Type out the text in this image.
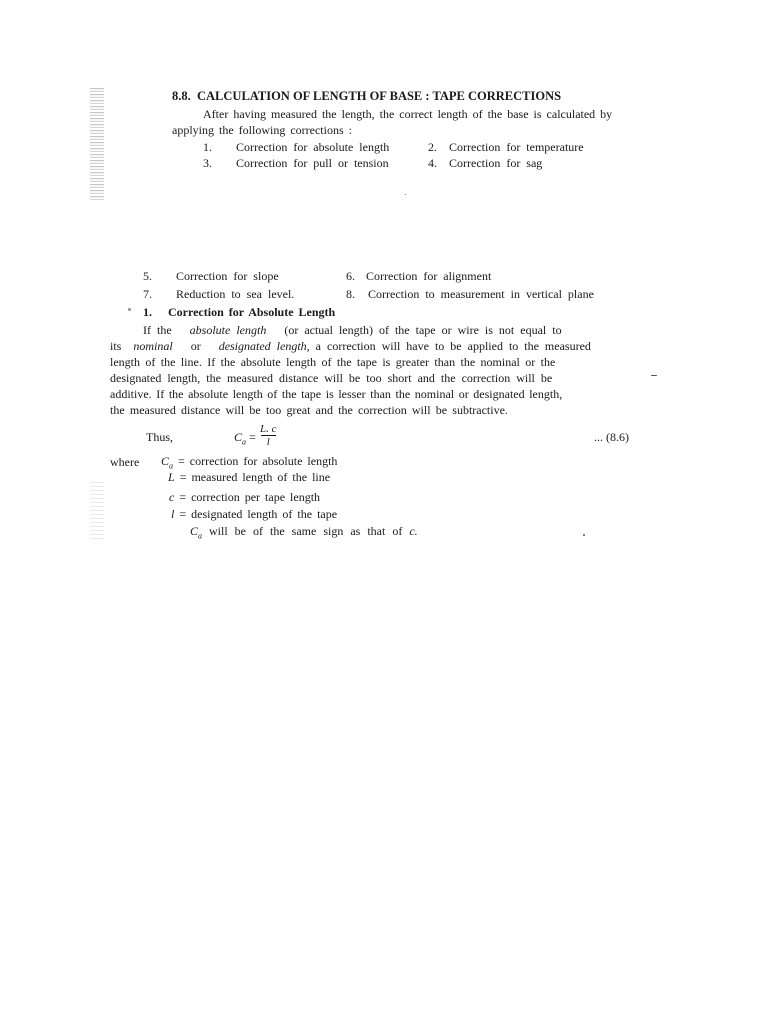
8.8. CALCULATION OF LENGTH OF BASE : TAPE CORRECTIONS
After having measured the length, the correct length of the base is calculated by
applying the following corrections :
1. Correction for absolute length	2. Correction for temperature
3. Correction for pull or tension	4. Correction for sag
5. Correction for slope	6. Correction for alignment
7. Reduction to sea level.	8. Correction to measurement in vertical plane
1. Correction for Absolute Length
If the absolute length (or actual length) of the tape or wire is not equal to
its nominal or designated length, a correction will have to be applied to the measured
length of the line. If the absolute length of the tape is greater than the nominal or the
designated length, the measured distance will be too short and the correction will be
additive. If the absolute length of the tape is lesser than the nominal or designated length,
the measured distance will be too great and the correction will be subtractive.
Thus,	$C_a$ =
L. c
l	... (8.6)
where $C_a$ = correction for absolute length
L = measured length of the line
c = correction per tape length
l = designated length of the tape
$C_a$ will be of the same sign as that of c.
